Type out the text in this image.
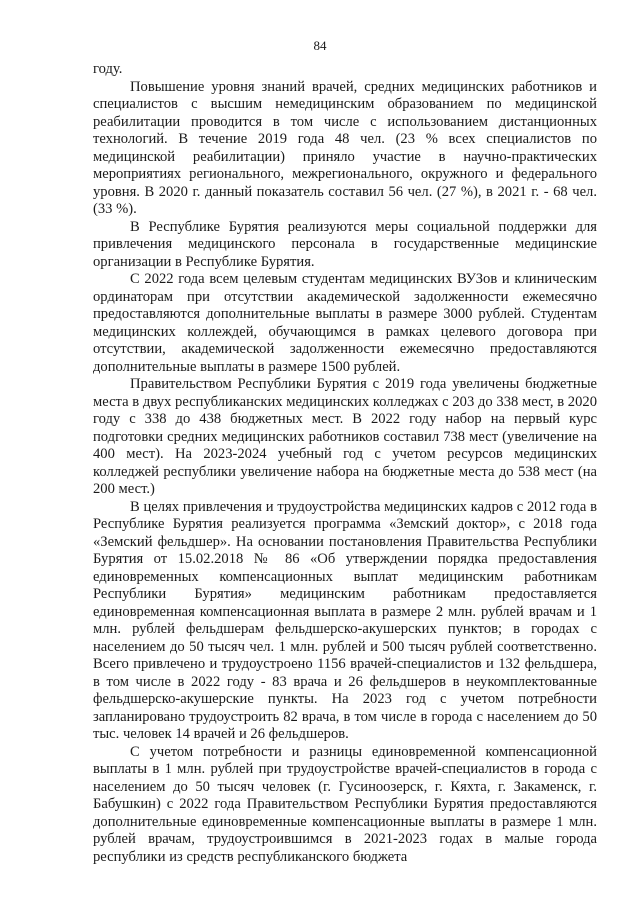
84

году.

Повышение уровня знаний врачей, средних медицинских работников и специалистов с высшим немедицинским образованием по медицинской реабилитации проводится в том числе с использованием дистанционных технологий. В течение 2019 года 48 чел. (23 % всех специалистов по медицинской реабилитации) приняло участие в научно-практических мероприятиях регионального, межрегионального, окружного и федерального уровня. В 2020 г. данный показатель составил 56 чел. (27 %), в 2021 г. - 68 чел. (33 %).

В Республике Бурятия реализуются меры социальной поддержки для привлечения медицинского персонала в государственные медицинские организации в Республике Бурятия.

С 2022 года всем целевым студентам медицинских ВУЗов и клиническим ординаторам при отсутствии академической задолженности ежемесячно предоставляются дополнительные выплаты в размере 3000 рублей. Студентам медицинских коллеждей, обучающимся в рамках целевого договора при отсутствии, академической задолженности ежемесячно предоставляются дополнительные выплаты в размере 1500 рублей.

Правительством Республики Бурятия с 2019 года увеличены бюджетные места в двух республиканских медицинских колледжах с 203 до 338 мест, в 2020 году с 338 до 438 бюджетных мест. В 2022 году набор на первый курс подготовки средних медицинских работников составил 738 мест (увеличение на 400 мест). На 2023-2024 учебный год с учетом ресурсов медицинских колледжей республики увеличение набора на бюджетные места до 538 мест (на 200 мест.)

В целях привлечения и трудоустройства медицинских кадров с 2012 года в Республике Бурятия реализуется программа «Земский доктор», с 2018 года «Земский фельдшер». На основании постановления Правительства Республики Бурятия от 15.02.2018 № 86 «Об утверждении порядка предоставления единовременных компенсационных выплат медицинским работникам Республики Бурятия» медицинским работникам предоставляется единовременная компенсационная выплата в размере 2 млн. рублей врачам и 1 млн. рублей фельдшерам фельдшерско-акушерских пунктов; в городах с населением до 50 тысяч чел. 1 млн. рублей и 500 тысяч рублей соответственно. Всего привлечено и трудоустроено 1156 врачей-специалистов и 132 фельдшера, в том числе в 2022 году - 83 врача и 26 фельдшеров в неукомплектованные фельдшерско-акушерские пункты. На 2023 год с учетом потребности запланировано трудоустроить 82 врача, в том числе в города с населением до 50 тыс. человек 14 врачей и 26 фельдшеров.

С учетом потребности и разницы единовременной компенсационной выплаты в 1 млн. рублей при трудоустройстве врачей-специалистов в города с населением до 50 тысяч человек (г. Гусиноозерск, г. Кяхта, г. Закаменск, г. Бабушкин) с 2022 года Правительством Республики Бурятия предоставляются дополнительные единовременные компенсационные выплаты в размере 1 млн. рублей врачам, трудоустроившимся в 2021-2023 годах в малые города республики из средств республиканского бюджета
